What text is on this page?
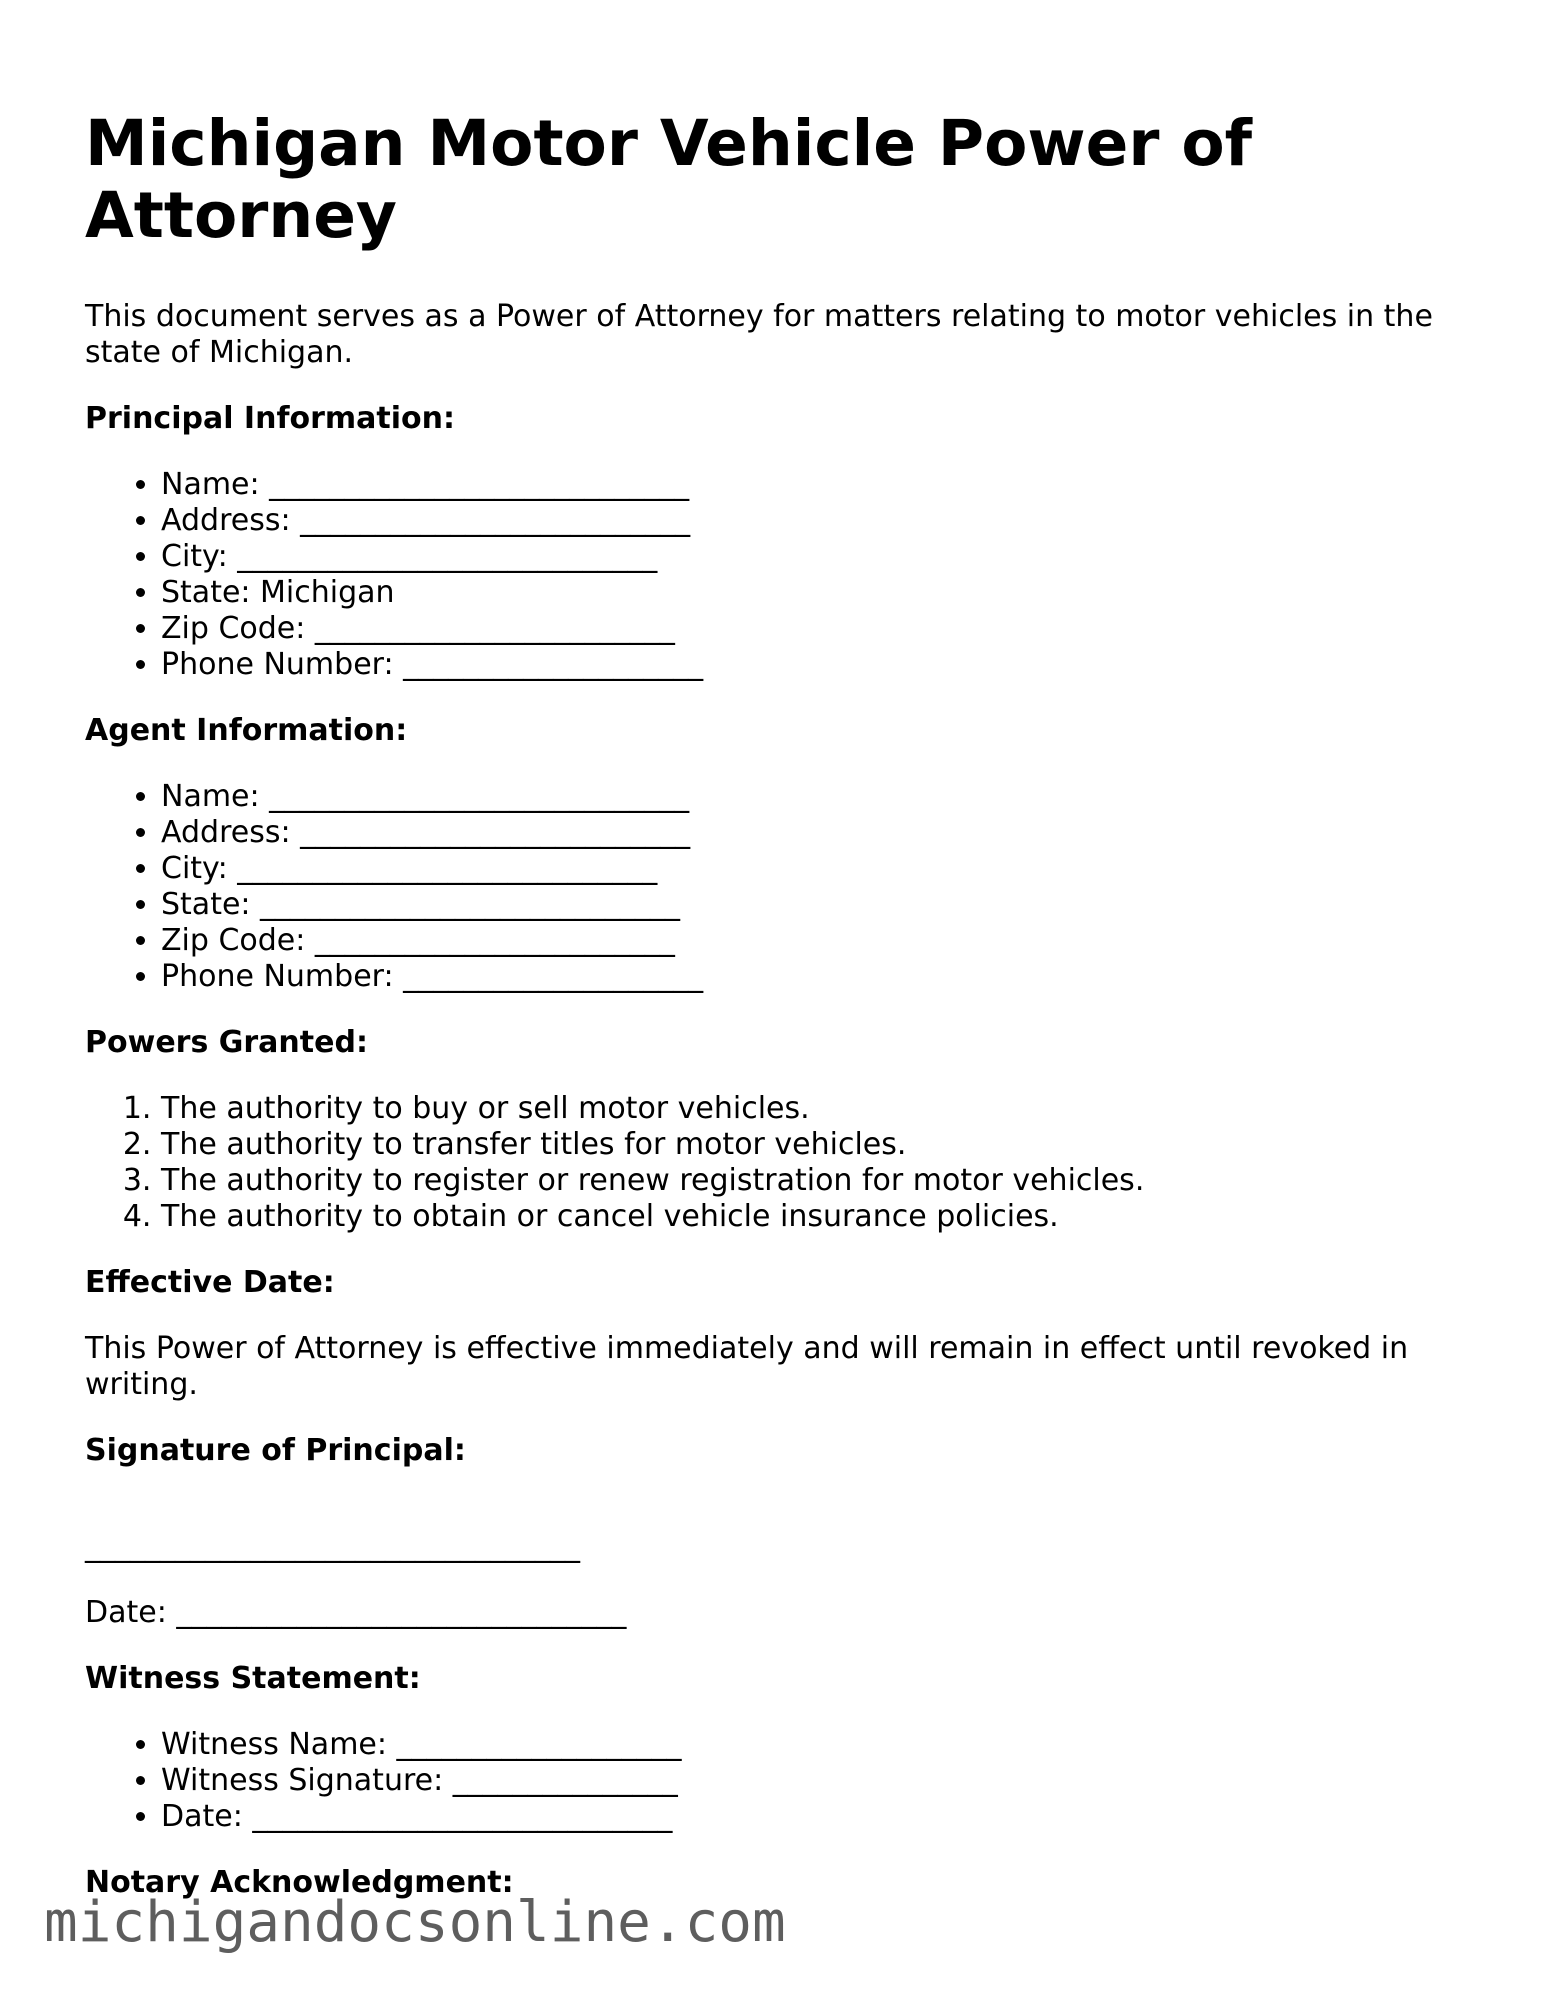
Michigan Motor Vehicle Power of Attorney

This document serves as a Power of Attorney for matters relating to motor vehicles in the state of Michigan.

Principal Information:
• Name: ____________________________
• Address: __________________________
• City: ____________________________
• State: Michigan
• Zip Code: ________________________
• Phone Number: ____________________
Agent Information:
• Name: ____________________________
• Address: __________________________
• City: ____________________________
• State: ____________________________
• Zip Code: ________________________
• Phone Number: ____________________
Powers Granted:
1. The authority to buy or sell motor vehicles.
2. The authority to transfer titles for motor vehicles.
3. The authority to register or renew registration for motor vehicles.
4. The authority to obtain or cancel vehicle insurance policies.
Effective Date:

This Power of Attorney is effective immediately and will remain in effect until revoked in writing.

Signature of Principal:
_________________________________

Date: ______________________________

Witness Statement:
• Witness Name: ___________________
• Witness Signature: _______________
• Date: ____________________________
Notary Acknowledgment:
michigandocsonline.com
